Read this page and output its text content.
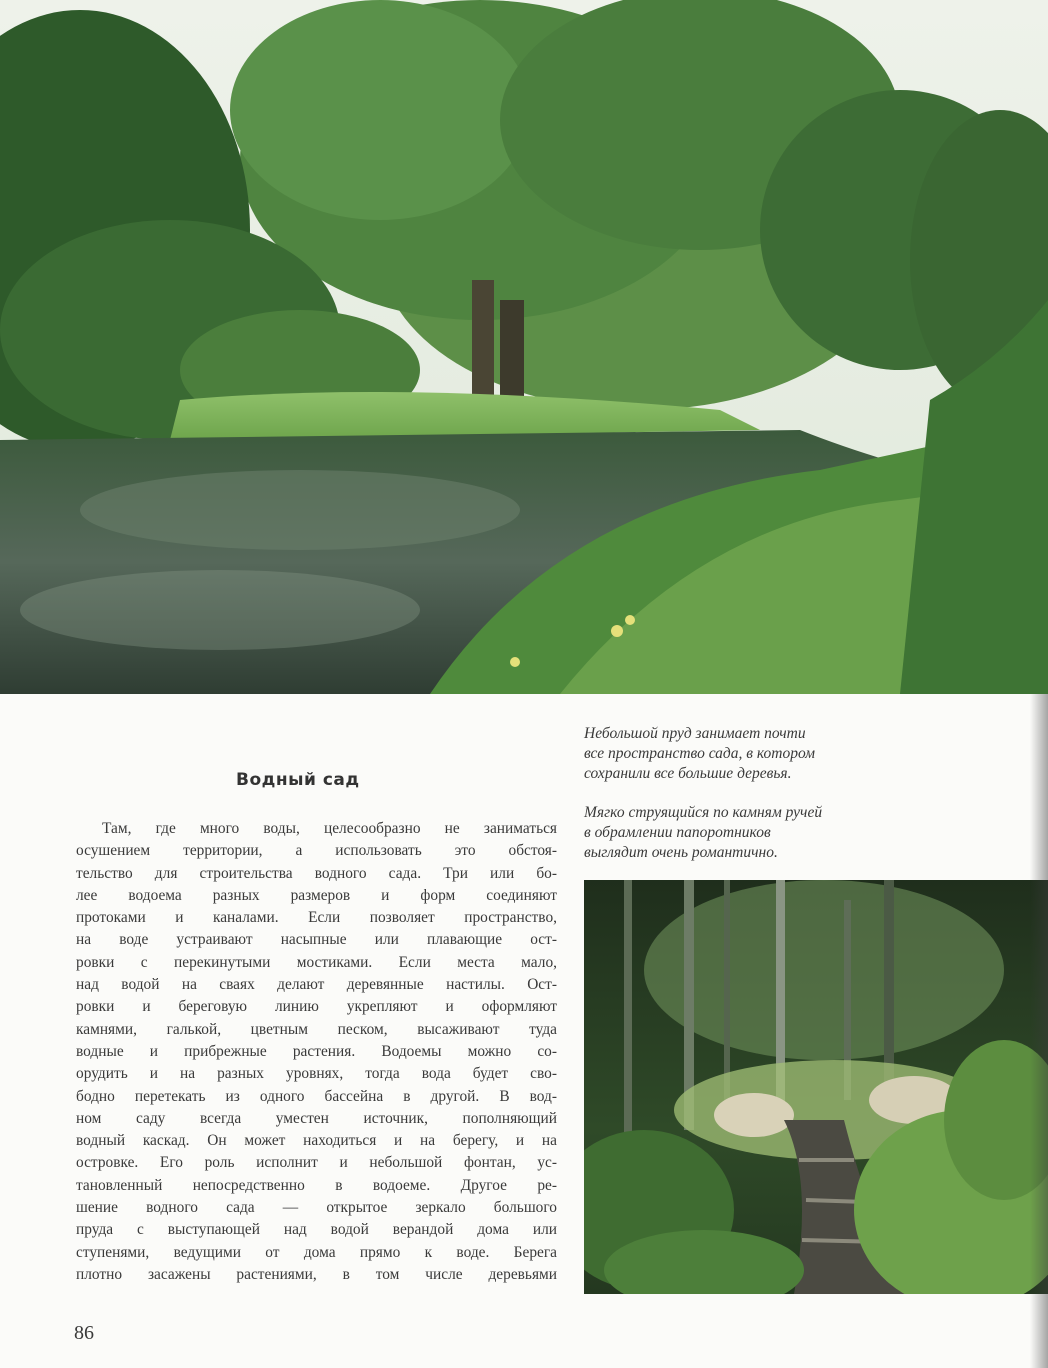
Водный сад
Там, где много воды, целесообразно не заниматься
осушением территории, а использовать это обстоя-
тельство для строительства водного сада. Три или бо-
лее водоема разных размеров и форм соединяют
протоками и каналами. Если позволяет пространство,
на воде устраивают насыпные или плавающие ост-
ровки с перекинутыми мостиками. Если места мало,
над водой на сваях делают деревянные настилы. Ост-
ровки и береговую линию укрепляют и оформляют
камнями, галькой, цветным песком, высаживают туда
водные и прибрежные растения. Водоемы можно со-
орудить и на разных уровнях, тогда вода будет сво-
бодно перетекать из одного бассейна в другой. В вод-
ном саду всегда уместен источник, пополняющий
водный каскад. Он может находиться и на берегу, и на
островке. Его роль исполнит и небольшой фонтан, ус-
тановленный непосредственно в водоеме. Другое ре-
шение водного сада — открытое зеркало большого
пруда с выступающей над водой верандой дома или
ступенями, ведущими от дома прямо к воде. Берега
плотно засажены растениями, в том числе деревьями
Небольшой пруд занимает почти
все пространство сада, в котором
сохранили все большие деревья.
Мягко струящийся по камням ручей
в обрамлении папоротников
выглядит очень романтично.
86
